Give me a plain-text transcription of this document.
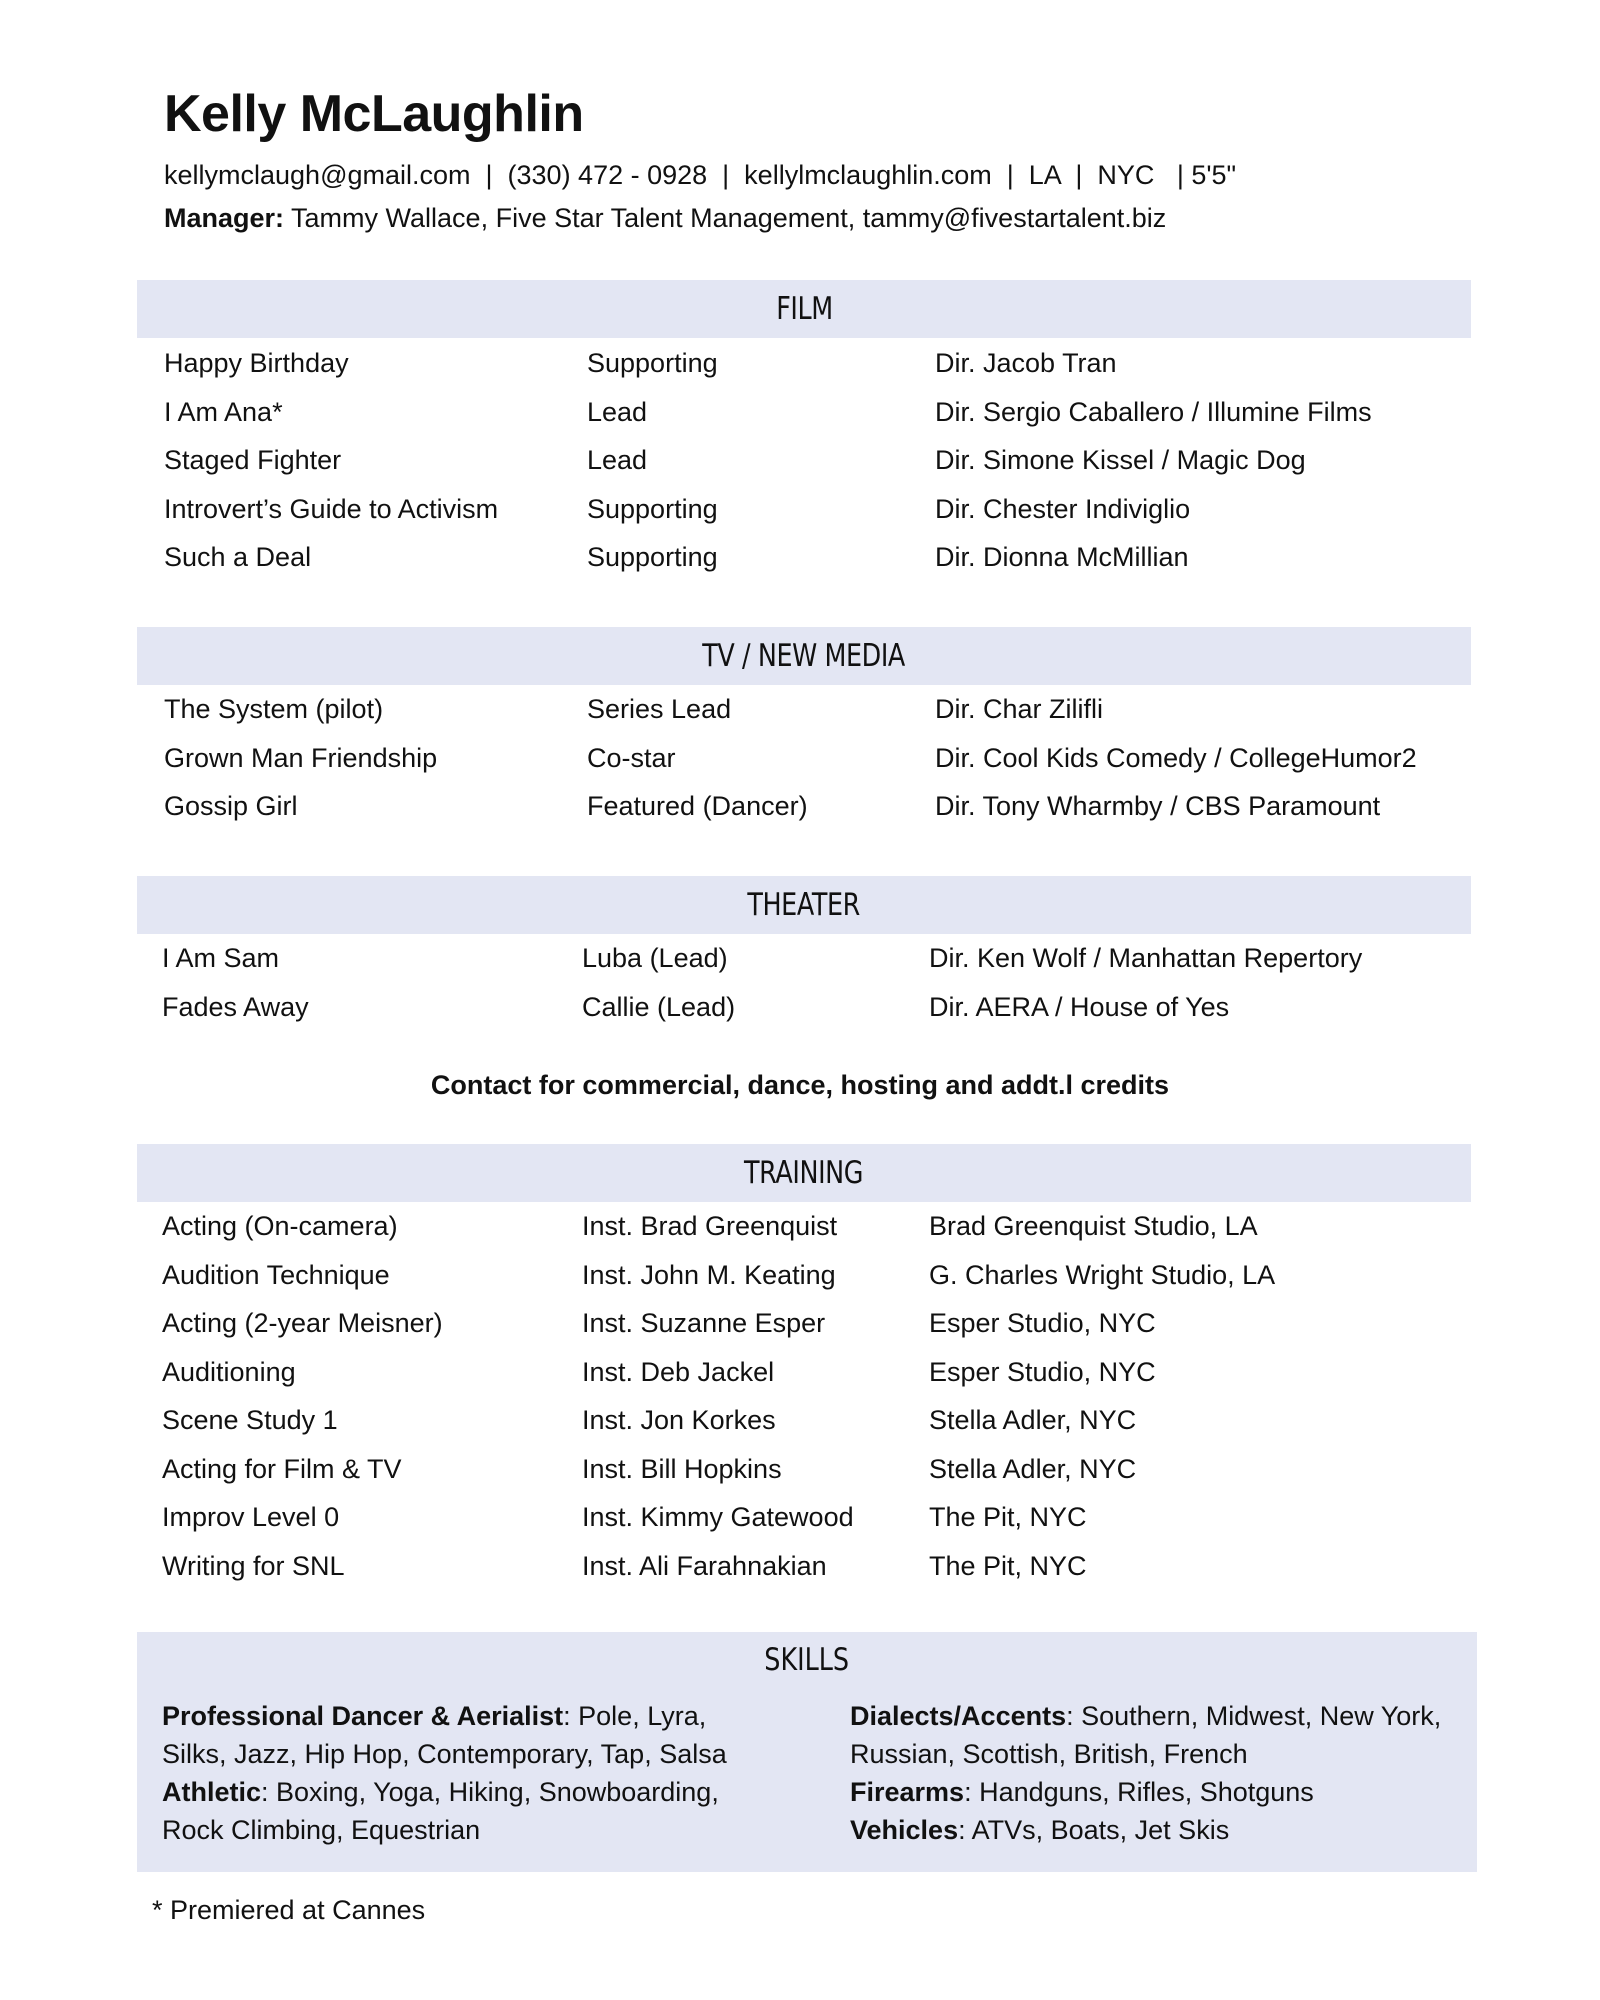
Kelly McLaughlin
kellymclaugh@gmail.com  |  (330) 472 - 0928  |  kellylmclaughlin.com  |  LA  |  NYC   | 5'5"
Manager: Tammy Wallace, Five Star Talent Management, tammy@fivestartalent.biz
FILM
Happy Birthday	Supporting	Dir. Jacob Tran
I Am Ana*	Lead	Dir. Sergio Caballero / Illumine Films
Staged Fighter	Lead	Dir. Simone Kissel / Magic Dog
Introvert’s Guide to Activism	Supporting	Dir. Chester Indiviglio
Such a Deal	Supporting	Dir. Dionna McMillian
TV / NEW MEDIA
The System (pilot)	Series Lead	Dir. Char Zilifli
Grown Man Friendship	Co-star	Dir. Cool Kids Comedy / CollegeHumor2
Gossip Girl	Featured (Dancer)	Dir. Tony Wharmby / CBS Paramount
THEATER
I Am Sam	Luba (Lead)	Dir. Ken Wolf / Manhattan Repertory
Fades Away	Callie (Lead)	Dir. AERA / House of Yes
Contact for commercial, dance, hosting and addt.l credits
TRAINING
Acting (On-camera)	Inst. Brad Greenquist	Brad Greenquist Studio, LA
Audition Technique	Inst. John M. Keating	G. Charles Wright Studio, LA
Acting (2-year Meisner)	Inst. Suzanne Esper	Esper Studio, NYC
Auditioning	Inst. Deb Jackel	Esper Studio, NYC
Scene Study 1	Inst. Jon Korkes	Stella Adler, NYC
Acting for Film & TV	Inst. Bill Hopkins	Stella Adler, NYC
Improv Level 0	Inst. Kimmy Gatewood	The Pit, NYC
Writing for SNL	Inst. Ali Farahnakian	The Pit, NYC
SKILLS
Professional Dancer & Aerialist: Pole, Lyra, Silks, Jazz, Hip Hop, Contemporary, Tap, Salsa
Athletic: Boxing, Yoga, Hiking, Snowboarding, Rock Climbing, Equestrian
Dialects/Accents: Southern, Midwest, New York, Russian, Scottish, British, French
Firearms: Handguns, Rifles, Shotguns
Vehicles: ATVs, Boats, Jet Skis
* Premiered at Cannes
